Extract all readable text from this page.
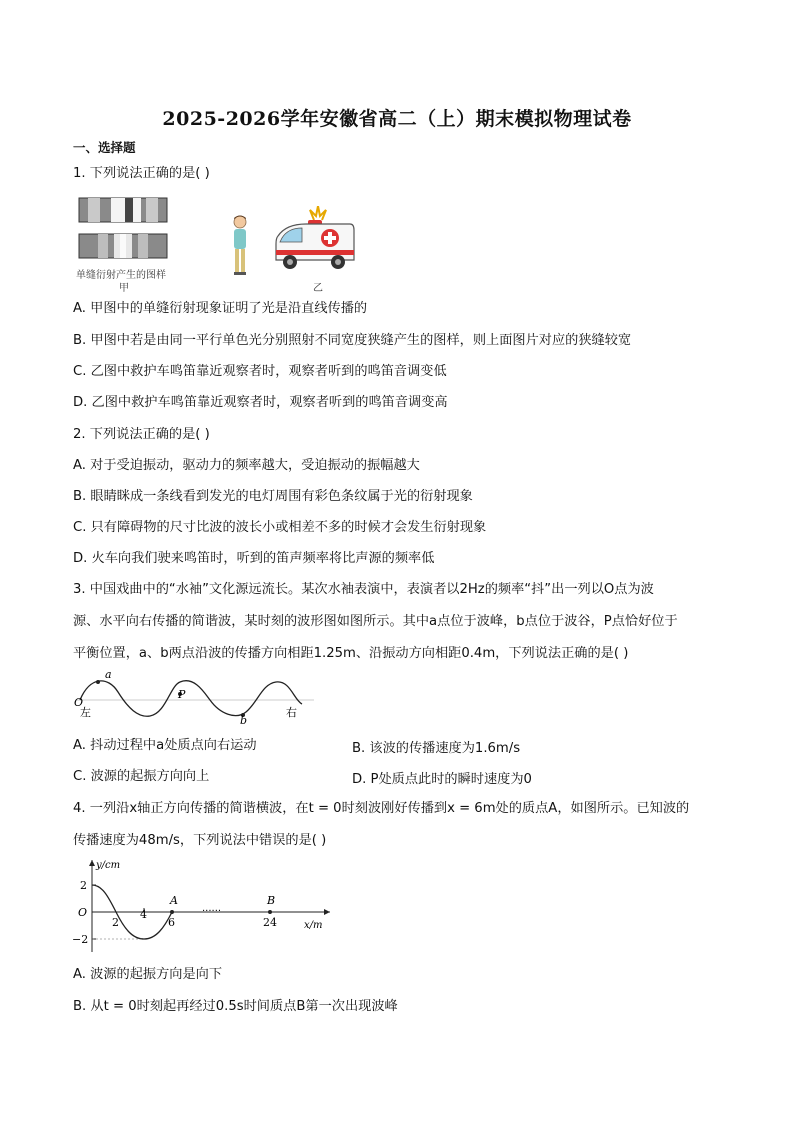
2025-2026学年安徽省高二（上）期末模拟物理试卷
一、选择题
1. 下列说法正确的是( )
单缝衍射产生的图样
甲	乙
A. 甲图中的单缝衍射现象证明了光是沿直线传播的
B. 甲图中若是由同一平行单色光分别照射不同宽度狭缝产生的图样，则上面图片对应的狭缝较宽
C. 乙图中救护车鸣笛靠近观察者时，观察者听到的鸣笛音调变低
D. 乙图中救护车鸣笛靠近观察者时，观察者听到的鸣笛音调变高
2. 下列说法正确的是( )
A. 对于受迫振动，驱动力的频率越大，受迫振动的振幅越大
B. 眼睛眯成一条线看到发光的电灯周围有彩色条纹属于光的衍射现象
C. 只有障碍物的尺寸比波的波长小或相差不多的时候才会发生衍射现象
D. 火车向我们驶来鸣笛时，听到的笛声频率将比声源的频率低
3. 中国戏曲中的“水袖”文化源远流长。某次水袖表演中，表演者以2Hz的频率“抖”出一列以O点为波
源、水平向右传播的简谐波，某时刻的波形图如图所示。其中a点位于波峰，b点位于波谷，P点恰好位于
平衡位置，a、b两点沿波的传播方向相距1.25m、沿振动方向相距0.4m，下列说法正确的是( )
O
左
a
P
b
右
A. 抖动过程中a处质点向右运动	B. 该波的传播速度为1.6m/s
C. 波源的起振方向向上	D. P处质点此时的瞬时速度为0
4. 一列沿x轴正方向传播的简谐横波，在t = 0时刻波刚好传播到x = 6m处的质点A，如图所示。已知波的
传播速度为48m/s，下列说法中错误的是( )
y/cm
x/m
O
2
−2
2
4
6	24
A	B
······
A. 波源的起振方向是向下
B. 从t = 0时刻起再经过0.5s时间质点B第一次出现波峰
